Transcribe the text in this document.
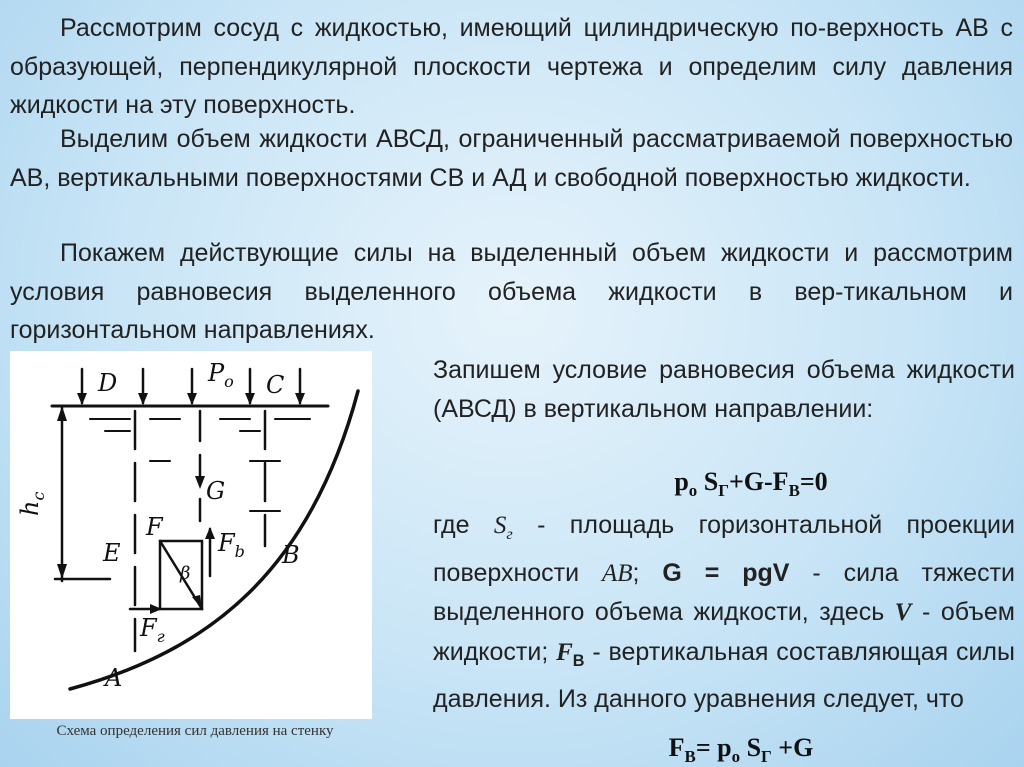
Рассмотрим сосуд с жидкостью, имеющий цилиндрическую по-верхность АВ с образующей, перпендикулярной плоскости чертежа и определим силу давления жидкости на эту поверхность.
Выделим объем жидкости АВСД, ограниченный рассматриваемой поверхностью АВ, вертикальными поверхностями СВ и АД и свободной поверхностью жидкости.
Покажем действующие силы на выделенный объем жидкости и рассмотрим условия равновесия выделенного объема жидкости в вер-тикальном и горизонтальном направлениях.
D	$P_o$ C
$h_c$	G
F
E	$F_b$ B
β
$F_г$
A
Схема определения сил давления на стенку
Запишем условие равновесия объема жидкости (АВСД) в вертикальном направлении:
$p_o$ $S_Г+G-F_В=0$
где $S_г$ - площадь горизонтальной проекции поверхности АВ; G = pgV - сила тяжести выделенного объема жидкости, здесь V - объем жидкости; $F_В$ - вертикальная составляющая силы давления. Из данного уравнения следует, что
$F_B= p_o$ $S_Г +G$
